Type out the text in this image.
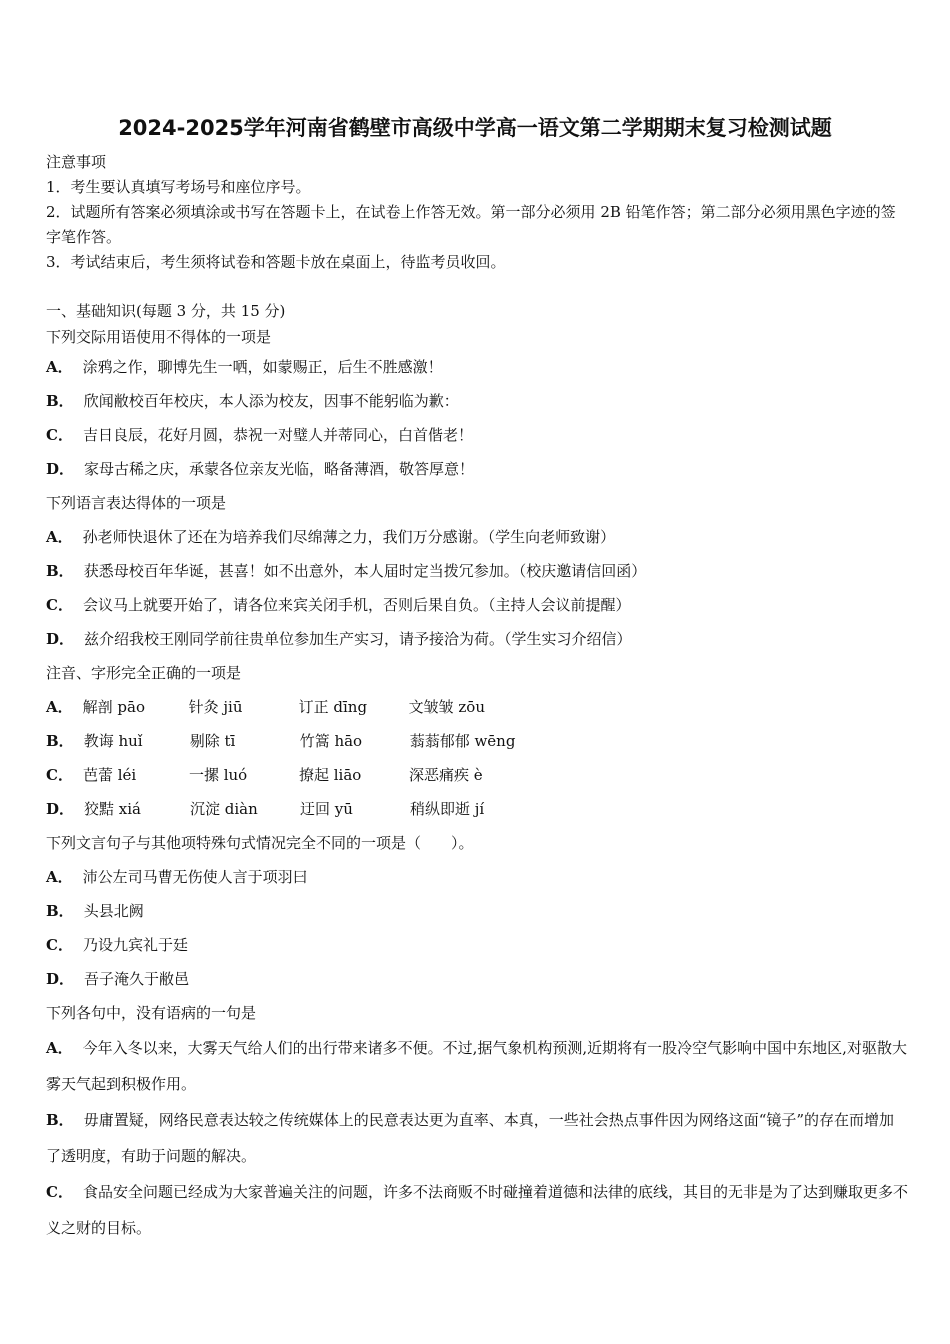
2024-2025学年河南省鹤壁市高级中学高一语文第二学期期末复习检测试题
注意事项
1．考生要认真填写考场号和座位序号。
2．试题所有答案必须填涂或书写在答题卡上，在试卷上作答无效。第一部分必须用 2B 铅笔作答；第二部分必须用黑色字迹的签字笔作答。
3．考试结束后，考生须将试卷和答题卡放在桌面上，待监考员收回。
一、基础知识(每题 3 分，共 15 分)
下列交际用语使用不得体的一项是
A． 涂鸦之作，聊博先生一哂，如蒙赐正，后生不胜感激！
B． 欣闻敝校百年校庆，本人添为校友，因事不能躬临为歉：
C． 吉日良辰，花好月圆，恭祝一对璧人并蒂同心，白首偕老！
D． 家母古稀之庆，承蒙各位亲友光临，略备薄酒，敬答厚意！
下列语言表达得体的一项是
A． 孙老师快退休了还在为培养我们尽绵薄之力，我们万分感谢。（学生向老师致谢）
B． 获悉母校百年华诞，甚喜！如不出意外，本人届时定当拨冗参加。（校庆邀请信回函）
C． 会议马上就要开始了，请各位来宾关闭手机，否则后果自负。（主持人会议前提醒）
D． 兹介绍我校王刚同学前往贵单位参加生产实习，请予接洽为荷。（学生实习介绍信）
注音、字形完全正确的一项是
A． 解剖 pāo	针灸 jiū	订正 dīng	文皱皱 zōu
B． 教诲 huǐ	剔除 tī	竹篙 hāo	蓊蓊郁郁 wēng
C． 芭蕾 léi	一摞 luó	撩起 liāo	深恶痛疾 è
D． 狡黠 xiá	沉淀 diàn	迂回 yū	稍纵即逝 jí
下列文言句子与其他项特殊句式情况完全不同的一项是（　　）。
A． 沛公左司马曹无伤使人言于项羽曰
B． 头县北阙
C． 乃设九宾礼于廷
D． 吾子淹久于敝邑
下列各句中，没有语病的一句是
A． 今年入冬以来，大雾天气给人们的出行带来诸多不便。不过,据气象机构预测,近期将有一股冷空气影响中国中东地区,对驱散大雾天气起到积极作用。
B． 毋庸置疑，网络民意表达较之传统媒体上的民意表达更为直率、本真，一些社会热点事件因为网络这面“镜子”的存在而增加了透明度，有助于问题的解决。
C． 食品安全问题已经成为大家普遍关注的问题，许多不法商贩不时碰撞着道德和法律的底线，其目的无非是为了达到赚取更多不义之财的目标。
